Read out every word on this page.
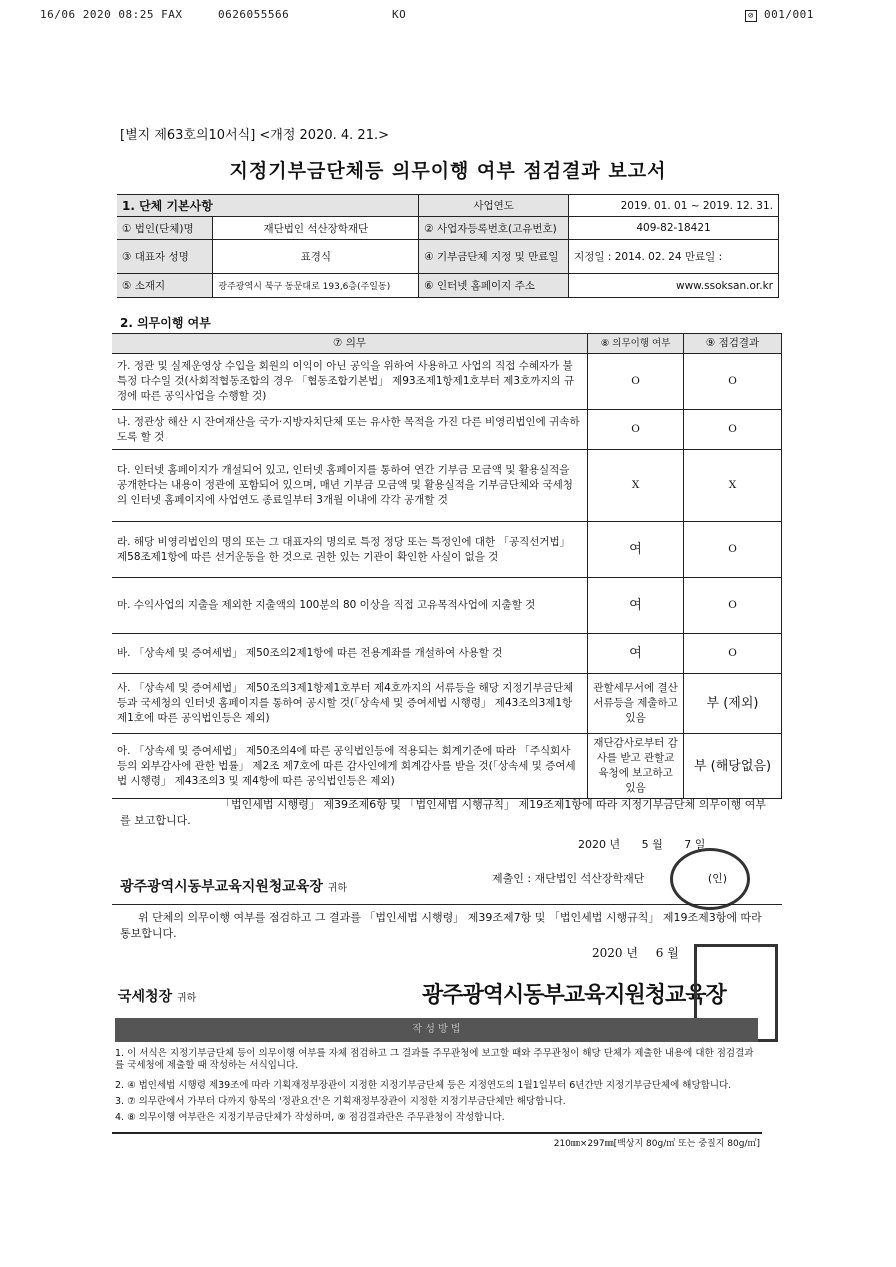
16/06 2020 08:25 FAX	0626055566	KO	⊘ 001/001
[별지 제63호의10서식] <개정 2020. 4. 21.>
지정기부금단체등 의무이행 여부 점검결과 보고서
1. 단체 기본사항		사업연도	2019. 01. 01 ~ 2019. 12. 31.
① 법인(단체)명	재단법인 석산장학재단	② 사업자등록번호(고유번호)	409-82-18421
③ 대표자 성명	표경식	④ 기부금단체 지정 및 만료일	지정일 : 2014. 02. 24 만료일 :
⑤ 소재지	광주광역시 북구 동문대로 193,6층(주일동)	⑥ 인터넷 홈페이지 주소	www.ssoksan.or.kr
2. 의무이행 여부
⑦ 의무	⑧ 의무이행 여부	⑨ 점검결과
가. 정관 및 실제운영상 수입을 회원의 이익이 아닌 공익을 위하여 사용하고 사업의 직접 수혜자가 불특정 다수일 것(사회적협동조합의 경우 「협동조합기본법」 제93조제1항제1호부터 제3호까지의 규정에 따른 공익사업을 수행할 것)	O	O
나. 정관상 해산 시 잔여재산을 국가·지방자치단체 또는 유사한 목적을 가진 다른 비영리법인에 귀속하도록 할 것	O	O
다. 인터넷 홈페이지가 개설되어 있고, 인터넷 홈페이지를 통하여 연간 기부금 모금액 및 활용실적을 공개한다는 내용이 정관에 포함되어 있으며, 매년 기부금 모금액 및 활용실적을 기부금단체와 국세청의 인터넷 홈페이지에 사업연도 종료일부터 3개월 이내에 각각 공개할 것	X	X
라. 해당 비영리법인의 명의 또는 그 대표자의 명의로 특정 정당 또는 특정인에 대한 「공직선거법」 제58조제1항에 따른 선거운동을 한 것으로 권한 있는 기관이 확인한 사실이 없을 것	여	O
마. 수익사업의 지출을 제외한 지출액의 100분의 80 이상을 직접 고유목적사업에 지출할 것	여	O
바. 「상속세 및 증여세법」 제50조의2제1항에 따른 전용계좌를 개설하여 사용할 것	여	O
사. 「상속세 및 증여세법」 제50조의3제1항제1호부터 제4호까지의 서류등을 해당 지정기부금단체등과 국세청의 인터넷 홈페이지를 통하여 공시할 것(「상속세 및 증여세법 시행령」 제43조의3제1항제1호에 따른 공익법인등은 제외)	관할세무서에 결산서류등을 제출하고 있음	부 (제외)
아. 「상속세 및 증여세법」 제50조의4에 따른 공익법인등에 적용되는 회계기준에 따라 「주식회사 등의 외부감사에 관한 법률」 제2조 제7호에 따른 감사인에게 회계감사를 받을 것(「상속세 및 증여세법 시행령」 제43조의3 및 제4항에 따른 공익법인등은 제외)	재단감사로부터 감사를 받고 관할교육청에 보고하고 있음	부 (해당없음)
「법인세법 시행령」 제39조제6항 및 「법인세법 시행규칙」 제19조제1항에 따라 지정기부금단체 의무이행 여부를 보고합니다.
2020 년 5 월 7 일
광주광역시동부교육지원청교육장 귀하
제출인 : 재단법인 석산장학재단	(인)
위 단체의 의무이행 여부를 점검하고 그 결과를 「법인세법 시행령」 제39조제7항 및 「법인세법 시행규칙」 제19조제3항에 따라 통보합니다.
2020 년 6 월
국세청장 귀하	광주광역시동부교육지원청교육장
작 성 방 법
1. 이 서식은 지정기부금단체 등이 의무이행 여부를 자체 점검하고 그 결과를 주무관청에 보고할 때와 주무관청이 해당 단체가 제출한 내용에 대한 점검결과를 국세청에 제출할 때 작성하는 서식입니다.
2. ④ 법인세법 시행령 제39조에 따라 기획재정부장관이 지정한 지정기부금단체 등은 지정연도의 1월1일부터 6년간만 지정기부금단체에 해당합니다.
3. ⑦ 의무란에서 가부터 다까지 항목의 '정관요건'은 기획재정부장관이 지정한 지정기부금단체만 해당합니다.
4. ⑧ 의무이행 여부란은 지정기부금단체가 작성하며, ⑨ 점검결과란은 주무관청이 작성합니다.
210㎜×297㎜[백상지 80g/㎡ 또는 중질지 80g/㎡]
